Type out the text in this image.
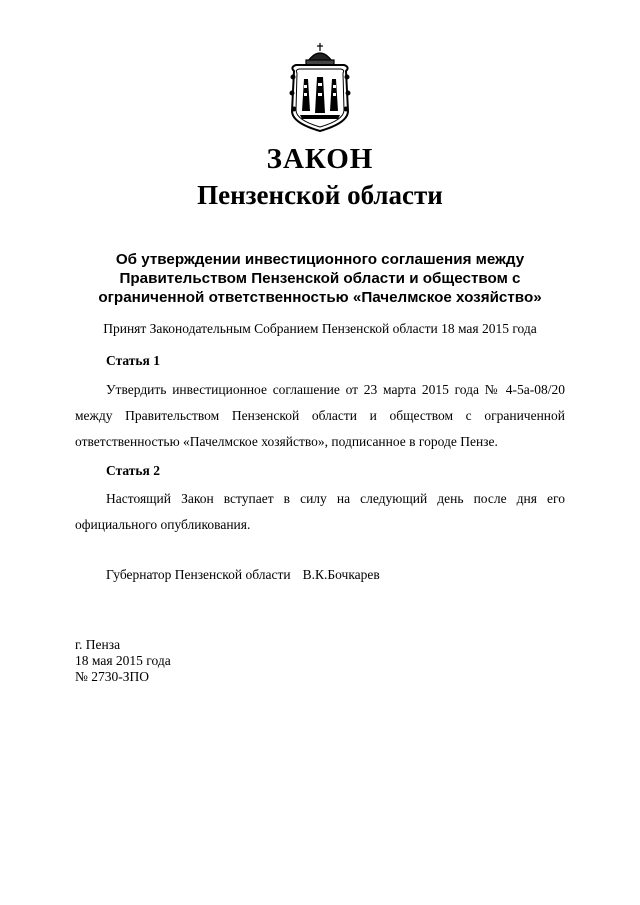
ЗАКОН
Пензенской области
Об утверждении инвестиционного соглашения между
Правительством Пензенской области и обществом с
ограниченной ответственностью «Пачелмское хозяйство»
Принят Законодательным Собранием Пензенской области 18 мая 2015 года
Статья 1
Утвердить инвестиционное соглашение от 23 марта 2015 года № 4-5а-08/20 между Правительством Пензенской области и обществом с ограниченной ответственностью «Пачелмское хозяйство», подписанное в городе Пензе.
Статья 2
Настоящий Закон вступает в силу на следующий день после дня его официального опубликования.
Губернатор Пензенской области В.К.Бочкарев
г. Пенза
18 мая 2015 года
№ 2730-ЗПО
